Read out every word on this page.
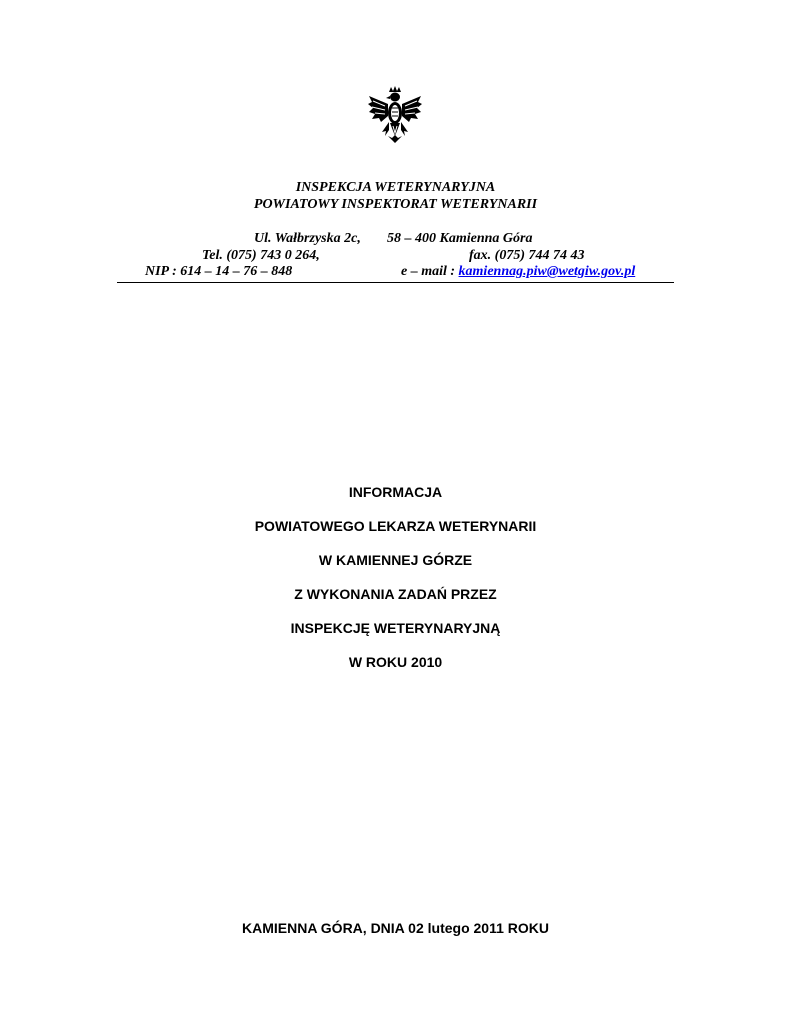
INSPEKCJA WETERYNARYJNA
POWIATOWY INSPEKTORAT WETERYNARII
Ul. Wałbrzyska 2c, 58 – 400 Kamienna Góra
Tel. (075) 743 0 264,	fax. (075) 744 74 43
NIP : 614 – 14 – 76 – 848	e – mail : kamiennag.piw@wetgiw.gov.pl
INFORMACJA
POWIATOWEGO LEKARZA WETERYNARII
W KAMIENNEJ GÓRZE
Z WYKONANIA ZADAŃ PRZEZ
INSPEKCJĘ WETERYNARYJNĄ
W ROKU 2010
KAMIENNA GÓRA, DNIA 02 lutego 2011 ROKU
